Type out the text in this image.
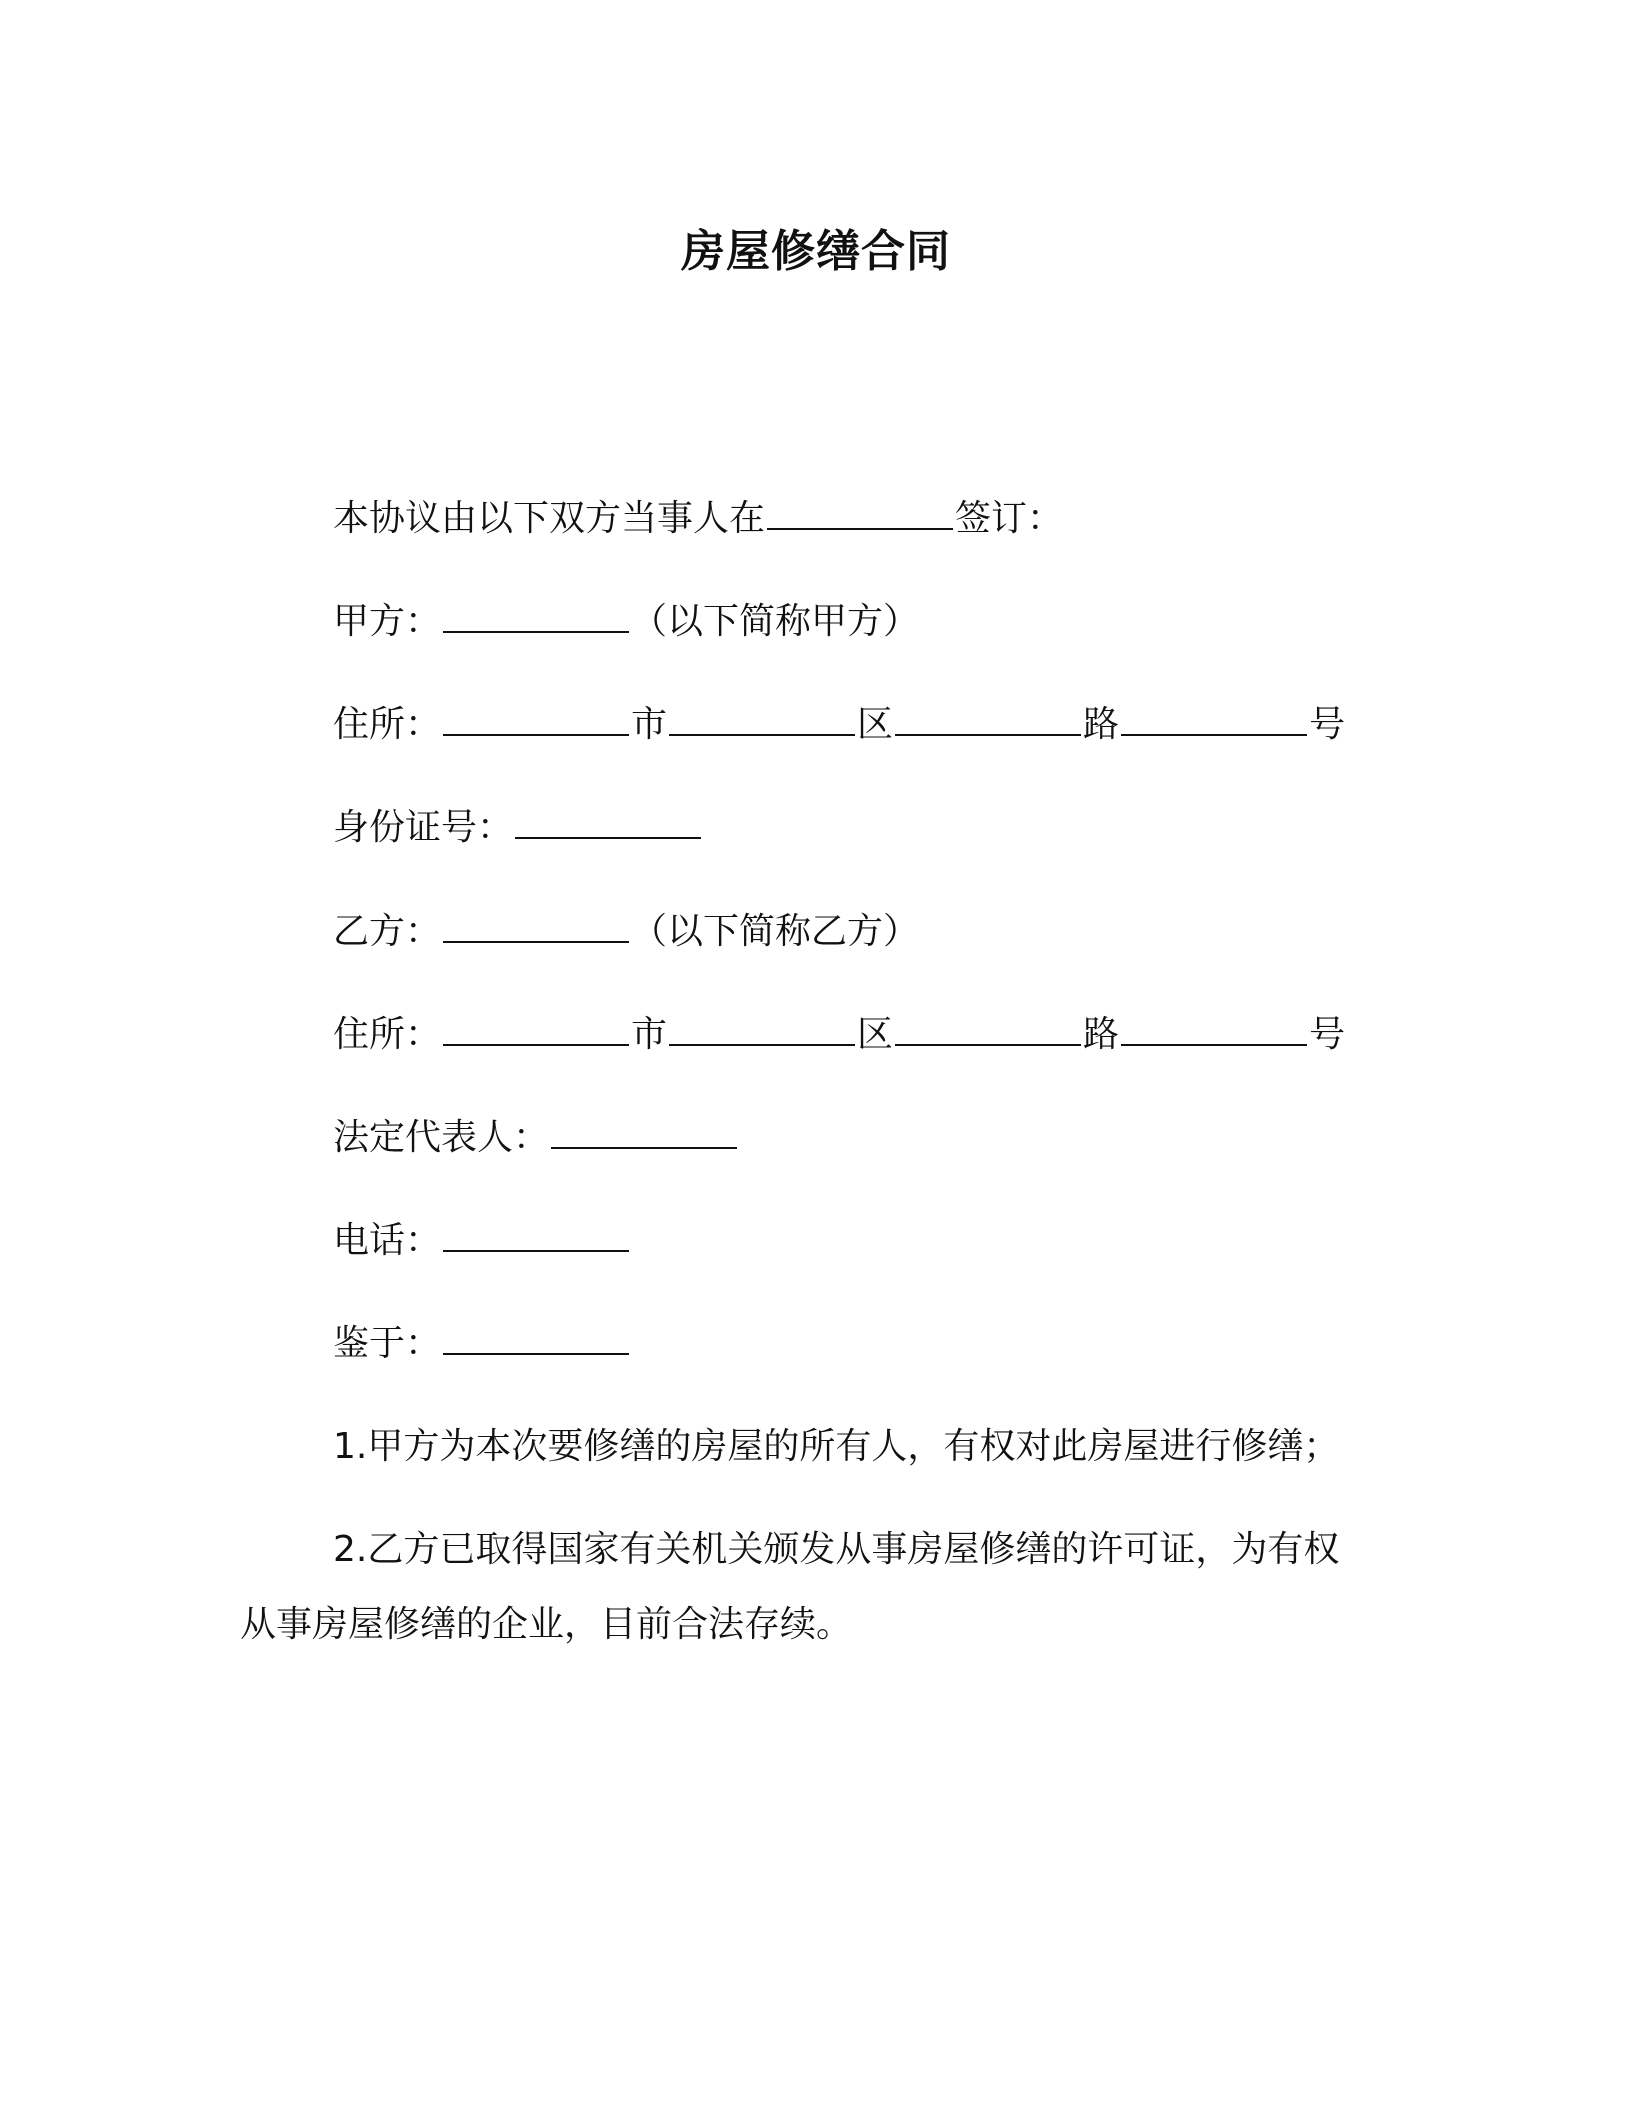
房屋修缮合同
本协议由以下双方当事人在	签订：
甲方：	（以下简称甲方）
住所：	市	区	路	号
身份证号：
乙方：	（以下简称乙方）
住所：	市	区	路	号
法定代表人：
电话：
鉴于：
1.甲方为本次要修缮的房屋的所有人，有权对此房屋进行修缮；
2.乙方已取得国家有关机关颁发从事房屋修缮的许可证，为有权从事房屋修缮的企业，目前合法存续。
